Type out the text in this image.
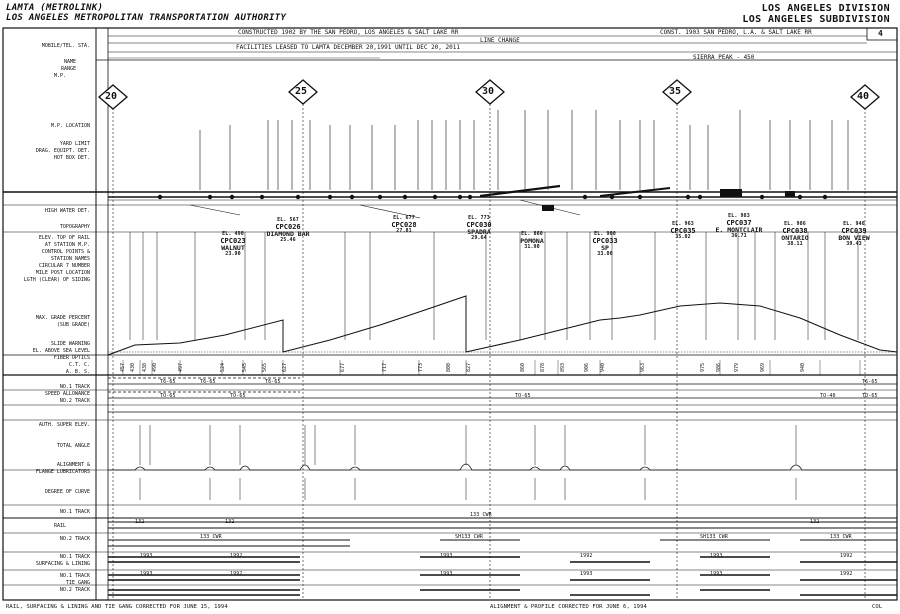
LAMTA (METROLINK)
LOS ANGELES METROPOLITAN TRANSPORTATION AUTHORITY
LOS ANGELES DIVISION
LOS ANGELES SUBDIVISION
4
CONSTRUCTED 1902 BY THE SAN PEDRO, LOS ANGELES & SALT LAKE RR	CONST. 1903 SAN PEDRO, L.A. & SALT LAKE RR
LINE CHANGE
FACILITIES LEASED TO LAMTA DECEMBER 20,1991 UNTIL DEC 20, 2011
SIERRA PEAK - 450
MOBILE/TEL. STA.
NAME
RANGE
M.P.
M.P. LOCATION
YARD LIMIT
DRAG. EQUIPT. DET.
HOT BOX DET.
HIGH WATER DET.
TOPOGRAPHY
ELEV. TOP OF RAIL
AT STATION M.P.
CONTROL POINTS &
STATION NAMES
CIRCULAR 7 NUMBER
MILE POST LOCATION
LGTH (CLEAR) OF SIDING
MAX. GRADE PERCENT
(SUB GRADE)
SLIDE WARNING
EL. ABOVE SEA LEVEL
FIBER OPTICS
C.T. C.
A. B. S.
NO.1 TRACK
SPEED ALLOWANCE
NO.2 TRACK
AUTH. SUPER ELEV.
TOTAL ANGLE
ALIGNMENT &
FLANGE LUBRICATORS
DEGREE OF CURVE
NO.1 TRACK
RAIL
NO.2 TRACK
NO.1 TRACK
SURFACING & LINING
NO.1 TRACK
TIE GANG
NO.2 TRACK
20	25	30	35	40
EL. 490
CPC023
WALNUT
23.90
EL. 567
CPC026
DIAMOND BAR
25.46
EL. 677
CPC028
27.81
EL. 773
CPC030
SPADRA
29.64
EL. 860
POMONA
31.90
EL. 900
CPC033
SP
33.00
EL. 963
CPC035
35.02
EL. 983
CPC037
E. MONTCLAIR
36.71
EL. 986
CPC038
ONTARIO
38.11
EL. 940
CPC039
BON VIEW
39.43
457 430 438 490	497	524	545	565	627	677	717	773	800	827	860	878	893	906 940	963	975 986 979	969	940
T6-65	T6-65	T6-65
TO-65	TO-65	TO-65	TO-40
T6-65
TO-65
133 CWR
132	132	132
133 CWR	SH133 CWR	SH133 CWR	133 CWR
1993	1992	1993	1992	1993	1992
1993	1992	1993	1993	1993	1992
RAIL, SURFACING & LINING AND TIE GANG CORRECTED FOR JUNE 15, 1994	ALIGNMENT & PROFILE CORRECTED FOR JUNE 6, 1994	COL
